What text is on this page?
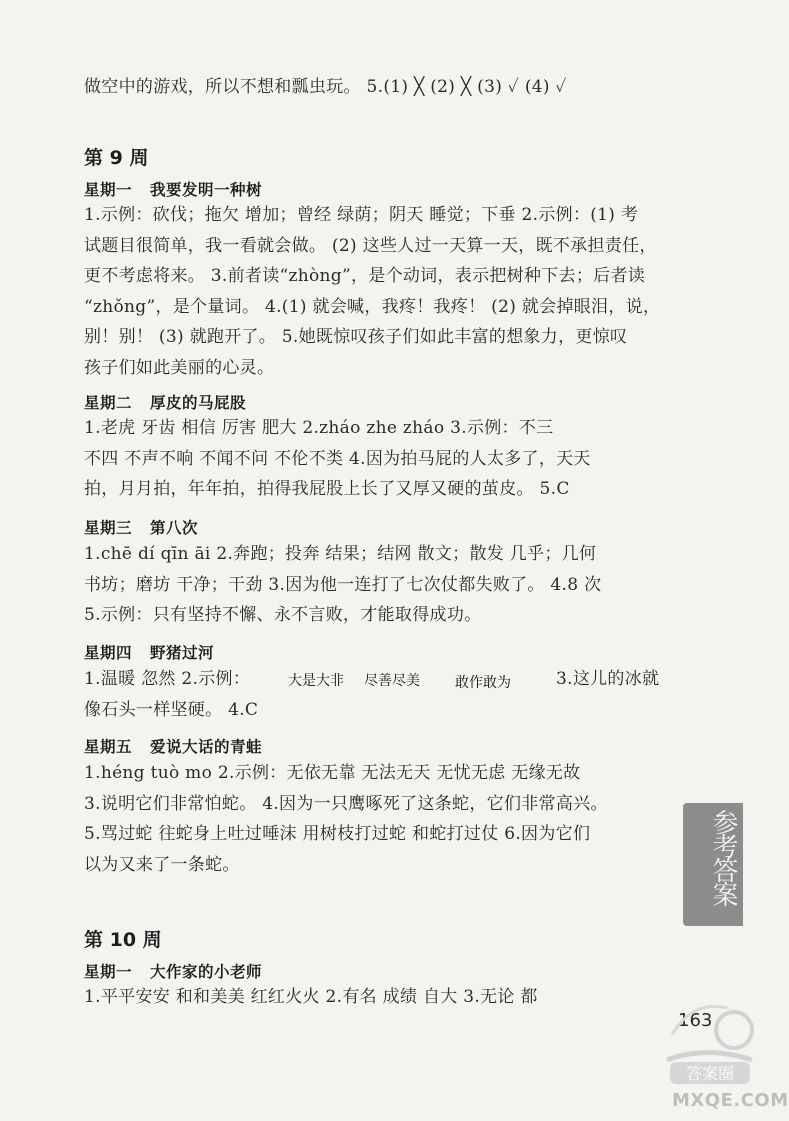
做空中的游戏，所以不想和瓢虫玩。 5.(1) ╳ (2) ╳ (3) ✓ (4) ✓
第 9 周
星期一 我要发明一种树
1.示例：砍伐；拖欠 增加；曾经 绿荫；阴天 睡觉；下垂 2.示例：(1) 考
试题目很简单，我一看就会做。 (2) 这些人过一天算一天，既不承担责任，
更不考虑将来。 3.前者读“zhòng”，是个动词，表示把树种下去；后者读
“zhǒng”，是个量词。 4.(1) 就会喊，我疼！我疼！ (2) 就会掉眼泪，说，
别！别！ (3) 就跑开了。 5.她既惊叹孩子们如此丰富的想象力，更惊叹
孩子们如此美丽的心灵。
星期二 厚皮的马屁股
1.老虎 牙齿 相信 厉害 肥大 2.zháo zhe zháo 3.示例：不三
不四 不声不响 不闻不问 不伦不类 4.因为拍马屁的人太多了，天天
拍，月月拍，年年拍，拍得我屁股上长了又厚又硬的茧皮。 5.C
星期三 第八次
1.chē dí qīn āi 2.奔跑；投奔 结果；结网 散文；散发 几乎；几何
书坊；磨坊 干净；干劲 3.因为他一连打了七次仗都失败了。 4.8 次
5.示例：只有坚持不懈、永不言败，才能取得成功。
星期四 野猪过河
1.温暖 忽然 2.示例：
像石头一样坚硬。 4.C
大是大非 尽善尽美	敢作敢为	3.这儿的冰就
星期五 爱说大话的青蛙
1.héng tuò mo 2.示例：无依无靠 无法无天 无忧无虑 无缘无故
3.说明它们非常怕蛇。 4.因为一只鹰啄死了这条蛇，它们非常高兴。
5.骂过蛇 往蛇身上吐过唾沫 用树枝打过蛇 和蛇打过仗 6.因为它们
以为又来了一条蛇。
第 10 周
星期一 大作家的小老师
1.平平安安 和和美美 红红火火 2.有名 成绩 自大 3.无论 都
参考答案
163
答案圈
MXQE.COM
